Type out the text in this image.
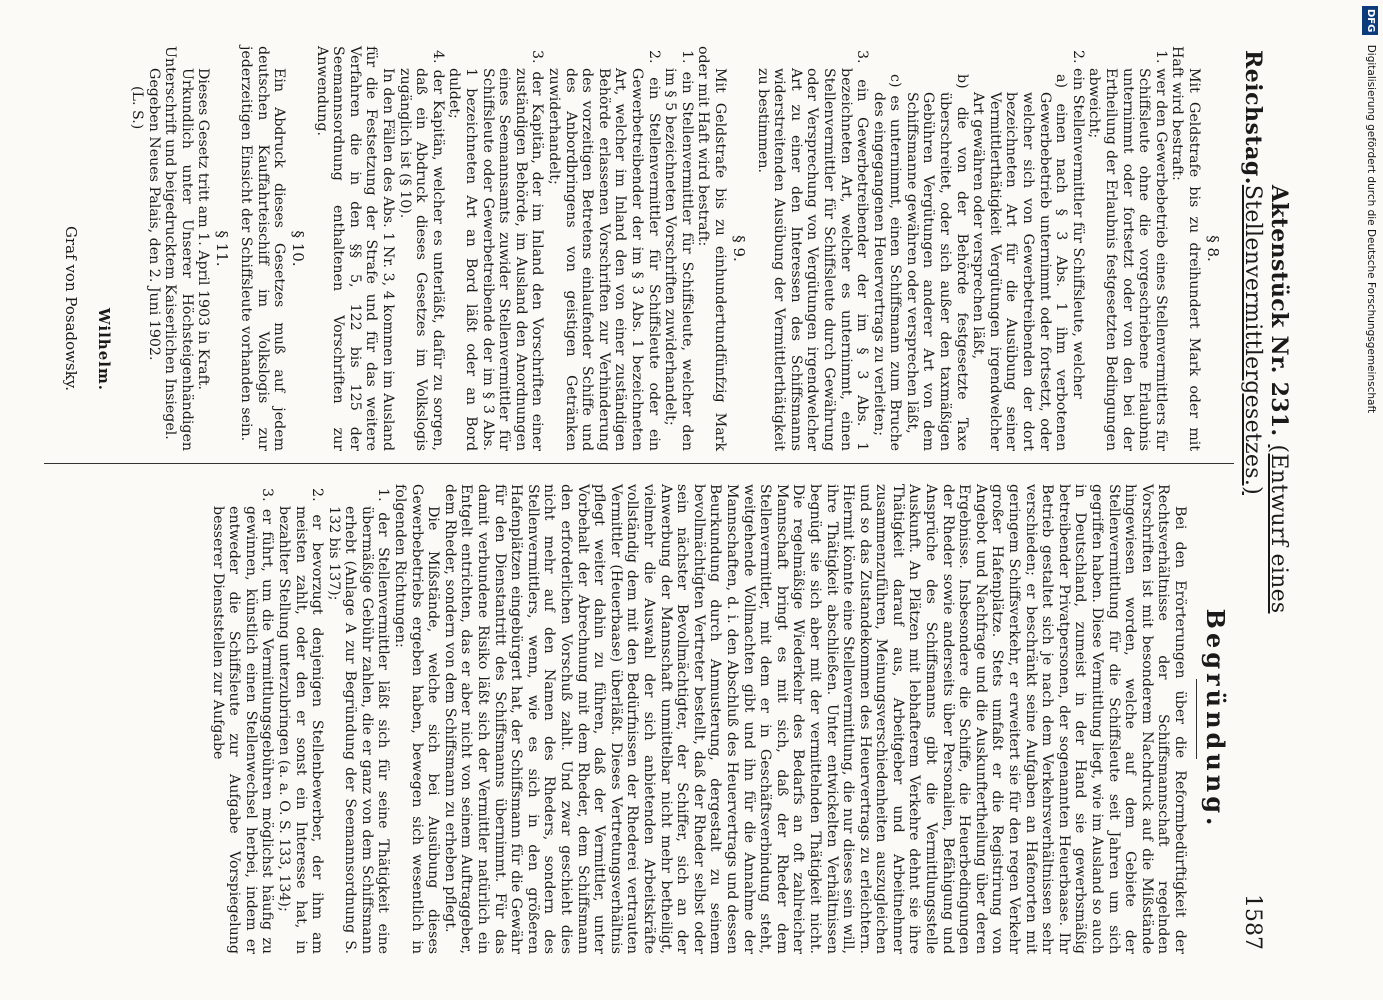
Reichstag.
Aktenstück Nr. 231. (Entwurf eines Stellenvermittlergesetzes.)
1587

§ 8.

Mit Geldstrafe bis zu dreihundert Mark oder mit Haft wird bestraft:

1. wer den Gewerbebetrieb eines Stellenvermittlers für Schiffsleute ohne die vorgeschriebene Erlaubnis unternimmt oder fortsetzt oder von den bei der Ertheilung der Erlaubnis festgesetzten Bedingungen abweicht;

2. ein Stellenvermittler für Schiffsleute, welcher

a) einen nach § 3 Abs. 1 ihm verbotenen Gewerbebetrieb unternimmt oder fortsetzt, oder welcher sich von Gewerbetreibenden der dort bezeichneten Art für die Ausübung seiner Vermittlerthätigkeit Vergütungen irgendwelcher Art gewähren oder versprechen läßt,

b) die von der Behörde festgesetzte Taxe überschreitet, oder sich außer den taxmäßigen Gebühren Vergütungen anderer Art von dem Schiffsmanne gewähren oder versprechen läßt,

c) es unternimmt, einen Schiffsmann zum Bruche des eingegangenen Heuervertrags zu verleiten;

3. ein Gewerbetreibender der im § 3 Abs. 1 bezeichneten Art, welcher es unternimmt, einen Stellenvermittler für Schiffsleute durch Gewährung oder Versprechung von Vergütungen irgendwelcher Art zu einer den Interessen des Schiffsmanns widerstreitenden Ausübung der Vermittlerthätigkeit zu bestimmen.

§ 9.

Mit Geldstrafe bis zu einhundertundfünfzig Mark oder mit Haft wird bestraft:

1. ein Stellenvermittler für Schiffsleute, welcher den im § 5 bezeichneten Vorschriften zuwiderhandelt;

2. ein Stellenvermittler für Schiffsleute oder ein Gewerbetreibender der im § 3 Abs. 1 bezeichneten Art, welcher im Inland den von einer zuständigen Behörde erlassenen Vorschriften zur Verhinderung des vorzeitigen Betretens einlaufender Schiffe und des Anbordbringens von geistigen Getränken zuwiderhandelt;

3. der Kapitän, der im Inland den Vorschriften einer zuständigen Behörde, im Ausland den Anordnungen eines Seemannsamts zuwider Stellenvermittler für Schiffsleute oder Gewerbetreibende der im § 3 Abs. 1 bezeichneten Art an Bord läßt oder an Bord duldet;

4. der Kapitän, welcher es unterläßt, dafür zu sorgen, daß ein Abdruck dieses Gesetzes im Volkslogis zugänglich ist (§ 10).

In den Fällen des Abs. 1 Nr. 3, 4 kommen im Ausland für die Festsetzung der Strafe und für das weitere Verfahren die in den §§ 5, 122 bis 125 der Seemannsordnung enthaltenen Vorschriften zur Anwendung.

§ 10.

Ein Abdruck dieses Gesetzes muß auf jedem deutschen Kauffahrteischiff im Volkslogis zur jederzeitigen Einsicht der Schiffsleute vorhanden sein.

§ 11.

Dieses Gesetz tritt am 1. April 1903 in Kraft.

Urkundlich unter Unserer Höchsteigenhändigen Unterschrift und beigedrucktem Kaiserlichen Insiegel.

Gegeben Neues Palais, den 2. Juni 1902.

(L. S.)

Wilhelm.

Graf von Posadowsky.

Begründung.

Bei den Erörterungen über die Reformbedürftigkeit der Rechtsverhältnisse der Schiffsmannschaft regelnden Vorschriften ist mit besonderem Nachdruck auf die Mißstände hingewiesen worden, welche auf dem Gebiete der Stellenvermittlung für die Schiffsleute seit Jahren um sich gegriffen haben. Diese Vermittlung liegt, wie im Ausland so auch in Deutschland, zumeist in der Hand sie gewerbsmäßig betreibender Privatpersonen, der sogenannten Heuerbaase. Ihr Betrieb gestaltet sich je nach dem Verkehrsverhältnissen sehr verschieden; er beschränkt seine Aufgaben an Hafenorten mit geringem Schiffsverkehr, er erweitert sie für den regen Verkehr großer Hafenplätze. Stets umfaßt er die Registrirung von Angebot und Nachfrage und die Auskunftertheilung über deren Ergebnisse. Insbesondere die Schiffe, die Heuerbedingungen der Rheder sowie anderseits über Personalien, Befähigung und Ansprüche des Schiffsmanns gibt die Vermittlungsstelle Auskunft. An Plätzen mit lebhafterem Verkehre dehnt sie ihre Thätigkeit darauf aus, Arbeitgeber und Arbeitnehmer zusammenzuführen, Meinungsverschiedenheiten auszugleichen und so das Zustandekommen des Heuervertrags zu erleichtern. Hiermit könnte eine Stellenvermittlung, die nur dieses sein will, ihre Thätigkeit abschließen. Unter entwickelten Verhältnissen begnügt sie sich aber mit der vermittelnden Thätigkeit nicht. Die regelmäßige Wiederkehr des Bedarfs an oft zahlreicher Mannschaft bringt es mit sich, daß der Rheder dem Stellenvermittler, mit dem er in Geschäftsverbindung steht, weitgehende Vollmachten gibt und ihn für die Annahme der Mannschaften, d. i. den Abschluß des Heuervertrags und dessen Beurkundung durch Anmusterung, dergestalt zu seinem bevollmächtigten Vertreter bestellt, daß der Rheder selbst oder sein nächster Bevollmächtigter, der Schiffer, sich an der Anwerbung der Mannschaft unmittelbar nicht mehr betheiligt, vielmehr die Auswahl der sich anbietenden Arbeitskräfte vollständig dem mit den Bedürfnissen der Rhederei vertrauten Vermittler (Heuerbaase) überläßt. Dieses Vertretungsverhältnis pflegt weiter dahin zu führen, daß der Vermittler, unter Vorbehalt der Abrechnung mit dem Rheder, dem Schiffsmann den erforderlichen Vorschuß zahlt. Und zwar geschieht dies nicht mehr auf den Namen des Rheders, sondern des Stellenvermittlers, wenn, wie es sich in den größeren Hafenplätzen eingebürgert hat, der Schiffsmann für die Gewähr für den Dienstantritt des Schiffsmanns übernimmt. Für das damit verbundene Risiko läßt sich der Vermittler natürlich ein Entgelt entrichten, das er aber nicht von seinem Auftraggeber, dem Rheder, sondern von dem Schiffsmann zu erheben pflegt.

Die Mißstände, welche sich bei Ausübung dieses Gewerbebetriebs ergeben haben, bewegen sich wesentlich in folgenden Richtungen:

1. der Stellenvermittler läßt sich für seine Thätigkeit eine übermäßige Gebühr zahlen, die er ganz von dem Schiffsmann erhebt (Anlage A zur Begründung der Seemannsordnung S. 132 bis 137);

2. er bevorzugt denjenigen Stellenbewerber, der ihm am meisten zahlt, oder den er sonst ein Interesse hat, in bezahlter Stellung unterzubringen (a. a. O. S. 133, 134);

3. er führt, um die Vermittlungsgebühren möglichst häufig zu gewinnen, künstlich einen Stellenwechsel herbei, indem er entweder die Schiffsleute zur Aufgabe Vorspiegelung besserer Dienststellen zur Aufgabe

DFG Digitalisierung gefördert durch die Deutsche Forschungsgemeinschaft
